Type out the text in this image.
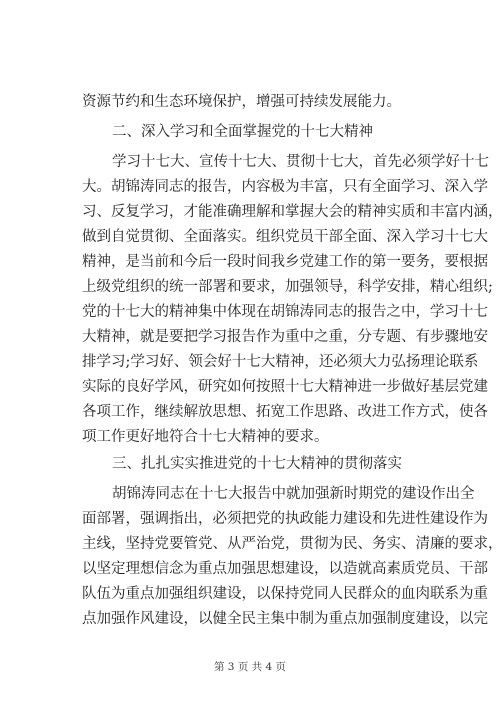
资源节约和生态环境保护，增强可持续发展能力。
二、深入学习和全面掌握党的十七大精神
学习十七大、宣传十七大、贯彻十七大，首先必须学好十七
大。胡锦涛同志的报告，内容极为丰富，只有全面学习、深入学
习、反复学习，才能准确理解和掌握大会的精神实质和丰富内涵，
做到自觉贯彻、全面落实。组织党员干部全面、深入学习十七大
精神，是当前和今后一段时间我乡党建工作的第一要务，要根据
上级党组织的统一部署和要求，加强领导，科学安排，精心组织;
党的十七大的精神集中体现在胡锦涛同志的报告之中，学习十七
大精神，就是要把学习报告作为重中之重，分专题、有步骤地安
排学习;学习好、领会好十七大精神，还必须大力弘扬理论联系
实际的良好学风，研究如何按照十七大精神进一步做好基层党建
各项工作，继续解放思想、拓宽工作思路、改进工作方式，使各
项工作更好地符合十七大精神的要求。
三、扎扎实实推进党的十七大精神的贯彻落实
胡锦涛同志在十七大报告中就加强新时期党的建设作出全
面部署，强调指出，必须把党的执政能力建设和先进性建设作为
主线，坚持党要管党、从严治党，贯彻为民、务实、清廉的要求，
以坚定理想信念为重点加强思想建设，以造就高素质党员、干部
队伍为重点加强组织建设，以保持党同人民群众的血肉联系为重
点加强作风建设，以健全民主集中制为重点加强制度建设，以完
第 3 页 共 4 页
